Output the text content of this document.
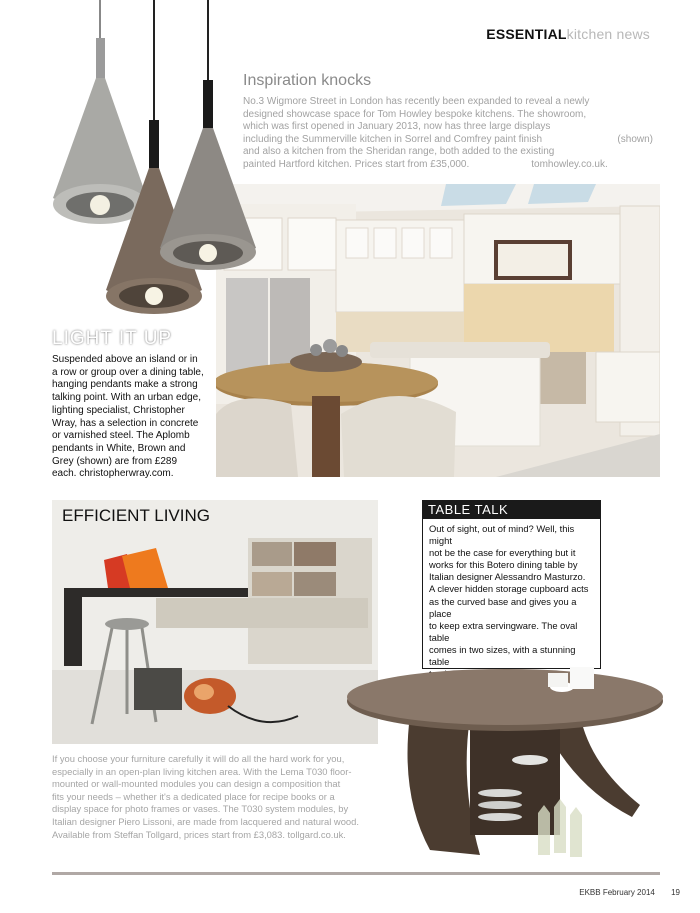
ESSENTIALkitchen news
Inspiration knocks

No.3 Wigmore Street in London has recently been expanded to reveal a newly

designed showcase space for Tom Howley bespoke kitchens. The showroom,

which was first opened in January 2013, now has three large displays

including the Summerville kitchen in Sorrel and Comfrey paint finish	(shown)

and also a kitchen from the Sheridan range, both added to the existing

painted Hartford kitchen. Prices start from £35,000.	tomhowley.co.uk.

LIGHT IT UP

Suspended above an island or in

a row or group over a dining table,

hanging pendants make a strong

talking point. With an urban edge,

lighting specialist, Christopher

Wray, has a selection in concrete

or varnished steel. The Aplomb

pendants in White, Brown and

Grey (shown) are from £289

each. christopherwray.com.

EFFICIENT LIVING

If you choose your furniture carefully it will do all the hard work for you,

especially in an open-plan living kitchen area. With the Lema T030 floor-

mounted or wall-mounted modules you can design a composition that

fits your needs – whether it's a dedicated place for recipe books or a

display space for photo frames or vases. The T030 system modules, by

Italian designer Piero Lissoni, are made from lacquered and natural wood.

Available from Steffan Tollgard, prices start from £3,083. tollgard.co.uk.

TABLE TALK

Out of sight, out of mind? Well, this might

not be the case for everything but it

works for this Botero dining table by

Italian designer Alessandro Masturzo.

A clever hidden storage cupboard acts

as the curved base and gives you a place

to keep extra servingware. The oval table

comes in two sizes, with a stunning table

EKBB February 2014 19
